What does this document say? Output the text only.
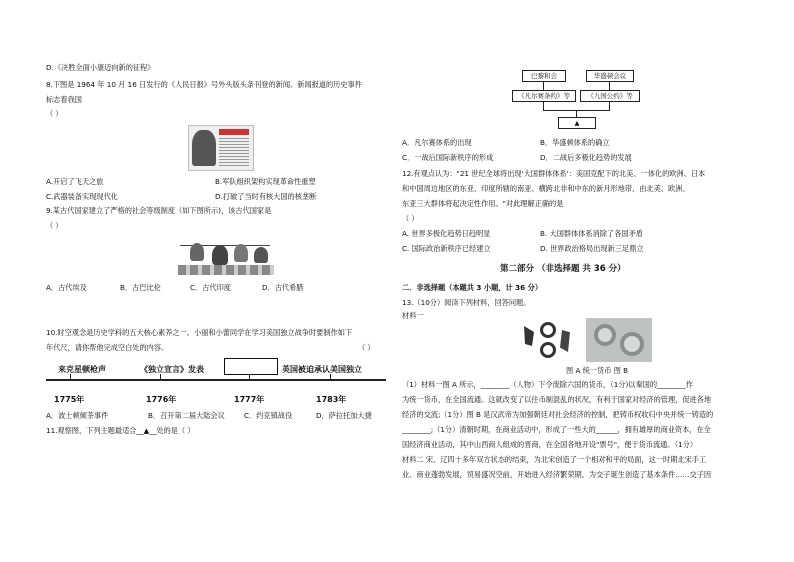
D.《决胜全面小康迈向新的征程》
8.下图是 1964 年 10 月 16 日发行的《人民日报》号外头版头条刊登的新闻。新闻报道的历史事件
标志着我国
（ ）
A.开启了飞天之旅	B.军队组织架构实现革命性重塑
C.武器装备实现现代化	D.打破了当时有核大国的核垄断
9.某古代国家建立了严格的社会等级制度（如下图所示)，该古代国家是
（ ）
A．古代埃及	B．古巴比伦	C．古代印度	D．古代希腊
10.时空观念是历史学科的五大核心素养之一。小丽和小蕾同学在学习美国独立战争时要制作如下
年代尺，请你帮他完成空白处的内容。	（ ）
来克星顿枪声	《独立宣言》发表	英国被迫承认美国独立
1775年	1776年	1777年	1783年
A．波士顿倾茶事件	B．召开第二届大陆会议	C．约克镇战役	D．萨拉托加大捷
11.观察图，下列主题最适合__▲__处的是（ ）
巴黎和会	华盛顿会议
《凡尔赛条约》等	《九国公约》等
▲
A．凡尔赛体系的出现	B．华盛顿体系的确立
C．一战后国际新秩序的形成	D．二战后多极化趋势的发展
12.有观点认为："21 世纪全球将出现'大国群体体系'：美国克配下的北美、一体化的欧洲、日本
和中国周边地区的东亚、印度所辖的南亚、横跨北非和中东的新月形地带、由北美、欧洲、
东亚三大群体将起决定性作用。"对此理解正确的是
（ ）
A. 世界多极化趋势日趋明显	B. 大国群体体系消除了各国矛盾
C. 国际政治新秩序已经建立	D. 世界政治格局出现新三足鼎立
第二部分 （非选择题 共 36 分）
二．非选择题（本题共 3 小题，计 36 分）
13.（10分）阅读下列材料，回答问题。
材料一
图 A 统一货币 图 B
（1）材料一图 A 所示，________（人物）下令废除六国的货币，（1分)以秦国的________作
为统一货币，在全国流通。这就改变了以往币制混乱的状况，有利于国家对经济的管理，促进各地
经济的交流;（1分）图 B 是汉武帝为加强朝廷对社会经济的控制，把铸币权收归中央并统一铸造的
________;（1分）清朝时期，在商业活动中，形成了一些大的______，拥有雄厚的商业资本，在全
国经济商业活动，其中山西商人组成的晋商，在全国各地开设"票号"，便于货币流通。（1分）
材料二 宋、辽四十多年双方状态的结束，为北宋创造了一个相对和平的局面，这一时期北宋手工
业、商业蓬勃发展，贸易盛况空前，开始进入经济繁荣期，为交子诞生创造了基本条件……交子因
